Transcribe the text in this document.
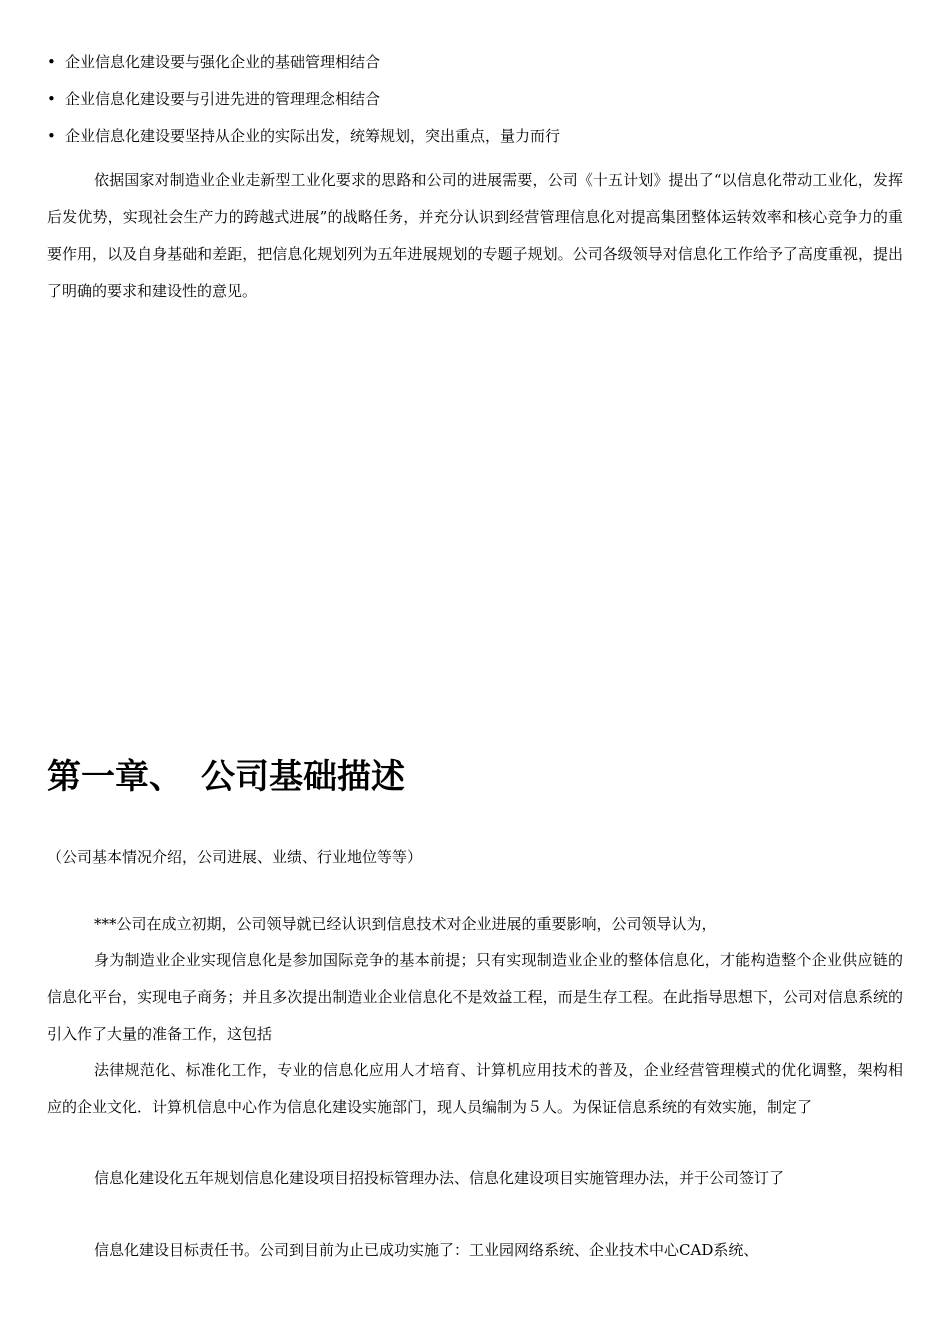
• 企业信息化建设要与强化企业的基础管理相结合
• 企业信息化建设要与引进先进的管理理念相结合
• 企业信息化建设要坚持从企业的实际出发，统筹规划，突出重点，量力而行

依据国家对制造业企业走新型工业化要求的思路和公司的进展需要，公司《十五计划》提出了“以信息化带动工业化，发挥后发优势，实现社会生产力的跨越式进展”的战略任务，并充分认识到经营管理信息化对提高集团整体运转效率和核心竞争力的重要作用，以及自身基础和差距，把信息化规划列为五年进展规划的专题子规划。公司各级领导对信息化工作给予了高度重视，提出了明确的要求和建设性的意见。

第一章、 公司基础描述

（公司基本情况介绍，公司进展、业绩、行业地位等等）

***公司在成立初期，公司领导就已经认识到信息技术对企业进展的重要影响，公司领导认为，

身为制造业企业实现信息化是参加国际竞争的基本前提；只有实现制造业企业的整体信息化，才能构造整个企业供应链的信息化平台，实现电子商务；并且多次提出制造业企业信息化不是效益工程，而是生存工程。在此指导思想下，公司对信息系统的引入作了大量的准备工作，这包括

法律规范化、标准化工作，专业的信息化应用人才培育、计算机应用技术的普及，企业经营管理模式的优化调整，架构相应的企业文化．计算机信息中心作为信息化建设实施部门，现人员编制为５人。为保证信息系统的有效实施，制定了

信息化建设化五年规划信息化建设项目招投标管理办法、信息化建设项目实施管理办法，并于公司签订了

信息化建设目标责任书。公司到目前为止已成功实施了：工业园网络系统、企业技术中心CAD系统、
